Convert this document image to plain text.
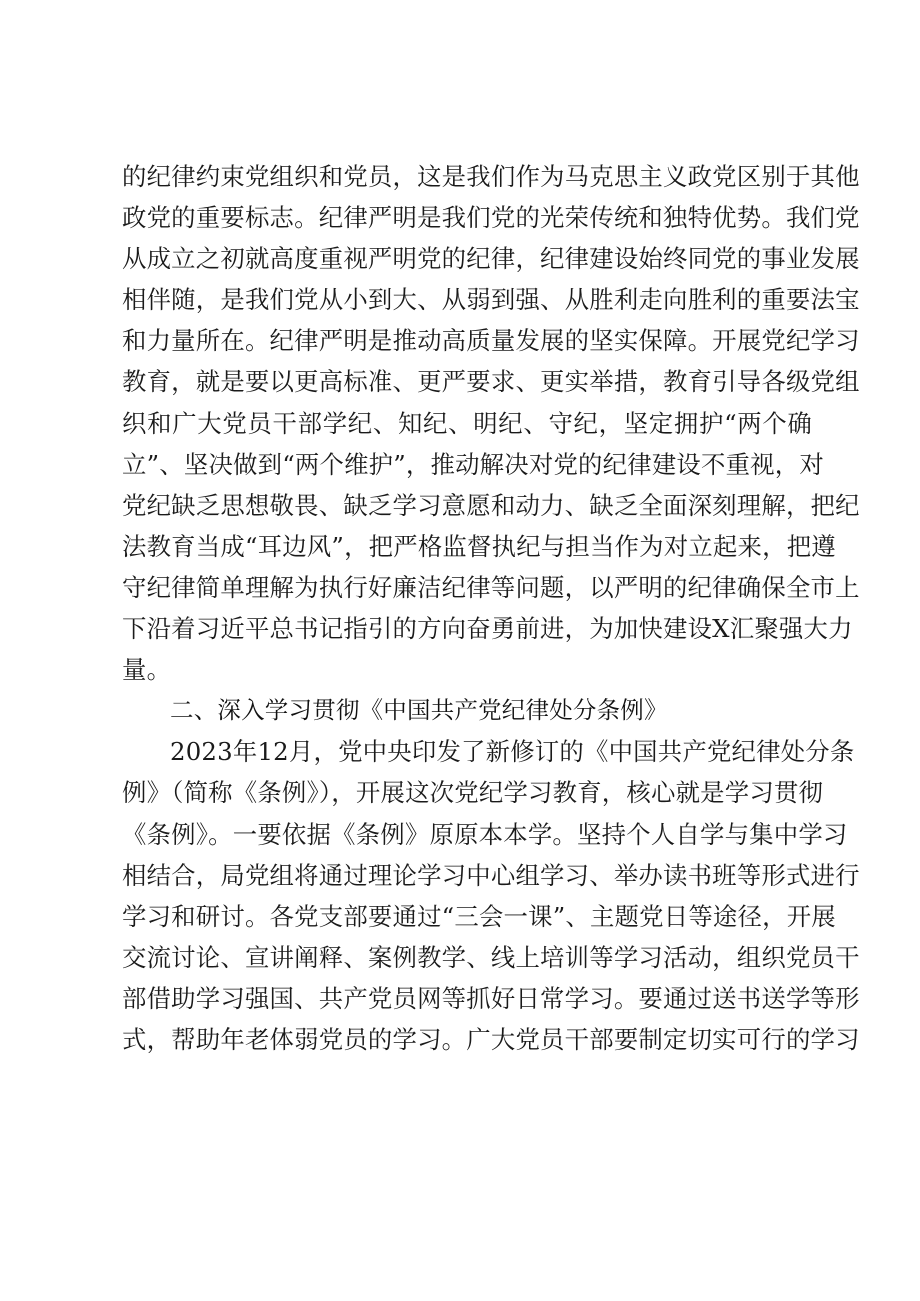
的纪律约束党组织和党员，这是我们作为马克思主义政党区别于其他
政党的重要标志。纪律严明是我们党的光荣传统和独特优势。我们党
从成立之初就高度重视严明党的纪律，纪律建设始终同党的事业发展
相伴随，是我们党从小到大、从弱到强、从胜利走向胜利的重要法宝
和力量所在。纪律严明是推动高质量发展的坚实保障。开展党纪学习
教育，就是要以更高标准、更严要求、更实举措，教育引导各级党组
织和广大党员干部学纪、知纪、明纪、守纪，坚定拥护“两个确
立”、坚决做到“两个维护”，推动解决对党的纪律建设不重视，对
党纪缺乏思想敬畏、缺乏学习意愿和动力、缺乏全面深刻理解，把纪
法教育当成“耳边风”，把严格监督执纪与担当作为对立起来，把遵
守纪律简单理解为执行好廉洁纪律等问题，以严明的纪律确保全市上
下沿着习近平总书记指引的方向奋勇前进，为加快建设X汇聚强大力
量。
二、深入学习贯彻《中国共产党纪律处分条例》
2023年12月，党中央印发了新修订的《中国共产党纪律处分条
例》（简称《条例》），开展这次党纪学习教育，核心就是学习贯彻
《条例》。一要依据《条例》原原本本学。坚持个人自学与集中学习
相结合，局党组将通过理论学习中心组学习、举办读书班等形式进行
学习和研讨。各党支部要通过“三会一课”、主题党日等途径，开展
交流讨论、宣讲阐释、案例教学、线上培训等学习活动，组织党员干
部借助学习强国、共产党员网等抓好日常学习。要通过送书送学等形
式，帮助年老体弱党员的学习。广大党员干部要制定切实可行的学习
